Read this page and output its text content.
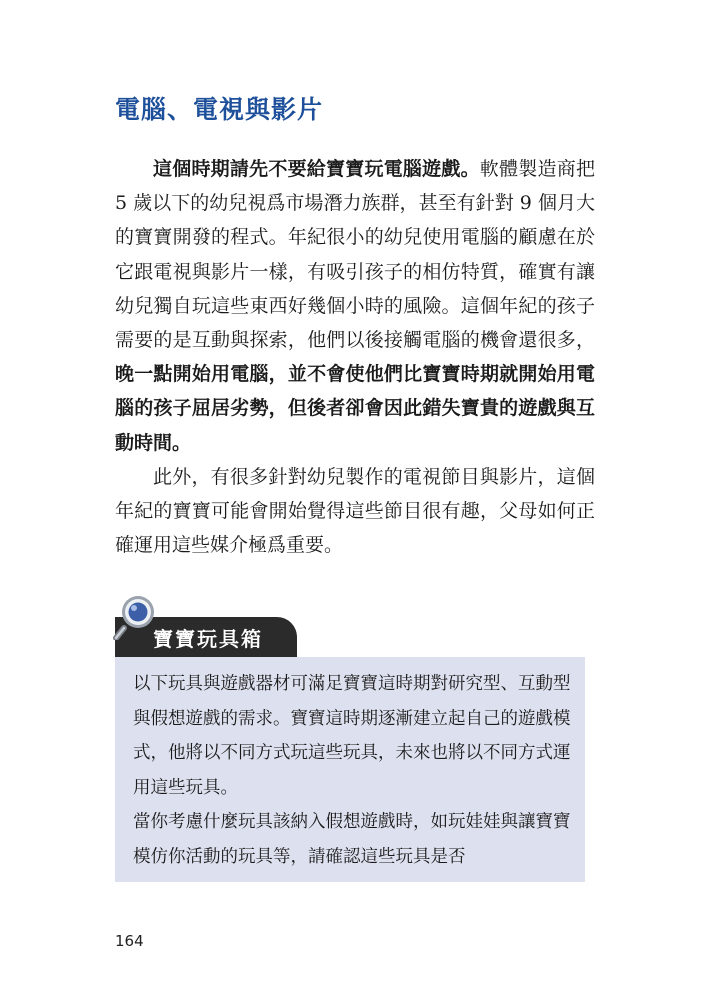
電腦、電視與影片

這個時期請先不要給寶寶玩電腦遊戲。軟體製造商把 5 歲以下的幼兒視爲市場潛力族群，甚至有針對 9 個月大的寶寶開發的程式。年紀很小的幼兒使用電腦的顧慮在於它跟電視與影片一樣，有吸引孩子的相仿特質，確實有讓幼兒獨自玩這些東西好幾個小時的風險。這個年紀的孩子需要的是互動與探索，他們以後接觸電腦的機會還很多，晚一點開始用電腦，並不會使他們比寶寶時期就開始用電腦的孩子屈居劣勢，但後者卻會因此錯失寶貴的遊戲與互動時間。

此外，有很多針對幼兒製作的電視節目與影片，這個年紀的寶寶可能會開始覺得這些節目很有趣，父母如何正確運用這些媒介極爲重要。

寶寶玩具箱

以下玩具與遊戲器材可滿足寶寶這時期對研究型、互動型與假想遊戲的需求。寶寶這時期逐漸建立起自己的遊戲模式，他將以不同方式玩這些玩具，未來也將以不同方式運用這些玩具。

當你考慮什麼玩具該納入假想遊戲時，如玩娃娃與讓寶寶模仿你活動的玩具等，請確認這些玩具是否

164
